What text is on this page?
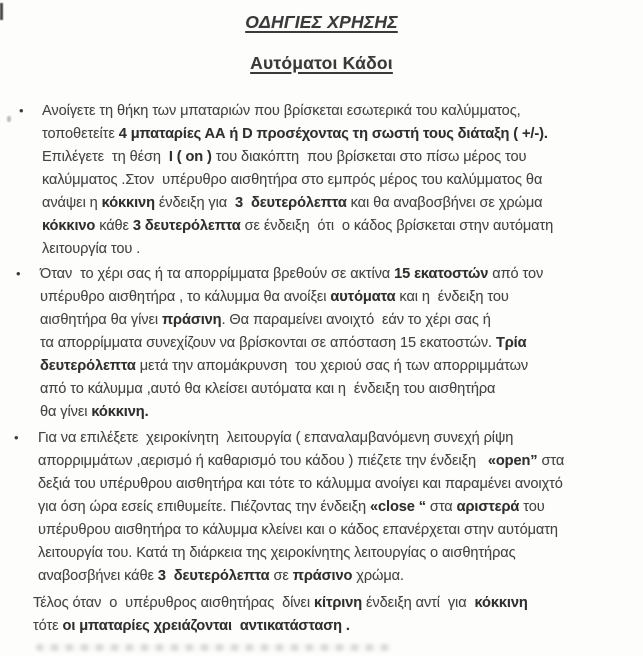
ΟΔΗΓΙΕΣ ΧΡΗΣΗΣ
Αυτόματοι Κάδοι
• Ανοίγετε τη θήκη των μπαταριών που βρίσκεται εσωτερικά του καλύμματος,
τοποθετείτε 4 μπαταρίες ΑΑ ή D προσέχοντας τη σωστή τους διάταξη ( +/-).
Επιλέγετε  τη θέση  I ( on ) του διακόπτη  που βρίσκεται στο πίσω μέρος του
καλύμματος .Στον  υπέρυθρο αισθητήρα στο εμπρός μέρος του καλύμματος θα
ανάψει η κόκκινη ένδειξη για  3  δευτερόλεπτα και θα αναβοσβήνει σε χρώμα
κόκκινο κάθε 3 δευτερόλεπτα σε ένδειξη  ότι  ο κάδος βρίσκεται στην αυτόματη
λειτουργία του .
• Όταν  το χέρι σας ή τα απορρίμματα βρεθούν σε ακτίνα 15 εκατοστών από τον
υπέρυθρο αισθητήρα , το κάλυμμα θα ανοίξει αυτόματα και η  ένδειξη του
αισθητήρα θα γίνει πράσινη. Θα παραμείνει ανοιχτό  εάν το χέρι σας ή
τα απορρίμματα συνεχίζουν να βρίσκονται σε απόσταση 15 εκατοστών. Τρία
δευτερόλεπτα μετά την απομάκρυνση  του χεριού σας ή των απορριμμάτων
από το κάλυμμα ,αυτό θα κλείσει αυτόματα και η  ένδειξη του αισθητήρα
θα γίνει κόκκινη.
• Για να επιλέξετε  χειροκίνητη  λειτουργία ( επαναλαμβανόμενη συνεχή ρίψη
απορριμμάτων ,αερισμό ή καθαρισμό του κάδου ) πιέζετε την ένδειξη   «open” στα
δεξιά του υπέρυθρου αισθητήρα και τότε το κάλυμμα ανοίγει και παραμένει ανοιχτό
για όση ώρα εσείς επιθυμείτε. Πιέζοντας την ένδειξη «close “ στα αριστερά του
υπέρυθρου αισθητήρα το κάλυμμα κλείνει και ο κάδος επανέρχεται στην αυτόματη
λειτουργία του. Κατά τη διάρκεια της χειροκίνητης λειτουργίας ο αισθητήρας
αναβοσβήνει κάθε 3  δευτερόλεπτα σε πράσινο χρώμα.
Τέλος όταν  ο  υπέρυθρος αισθητήρας  δίνει κίτρινη ένδειξη αντί  για  κόκκινη
τότε οι μπαταρίες χρειάζονται  αντικατάσταση .
